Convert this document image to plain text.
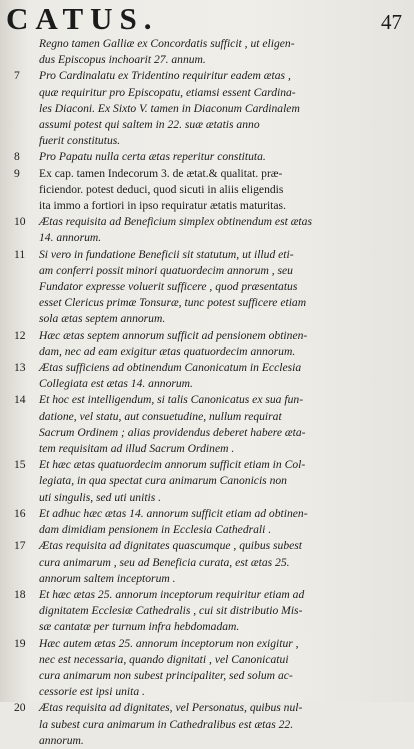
CATUS.	47
Regno tamen Galliæ ex Concordatis sufficit , ut eligen-
dus Episcopus inchoarit 27. annum.
7 Pro Cardinalatu ex Tridentino requiritur eadem ætas ,
quæ requiritur pro Episcopatu, etiamsi essent Cardina-
les Diaconi. Ex Sixto V. tamen in Diaconum Cardinalem
assumi potest qui saltem in 22. suæ ætatis anno
fuerit constitutus.
8 Pro Papatu nulla certa ætas reperitur constituta.
9 Ex cap. tamen Indecorum 3. de ætat.& qualitat. præ-
ficiendor. potest deduci, quod sicuti in aliis eligendis
ita immo a fortiori in ipso requiratur ætatis maturitas.
10 Ætas requisita ad Beneficium simplex obtinendum est ætas
14. annorum.
11 Si vero in fundatione Beneficii sit statutum, ut illud eti-
am conferri possit minori quatuordecim annorum , seu
Fundator expresse voluerit sufficere , quod præsentatus
esset Clericus primæ Tonsuræ, tunc potest sufficere etiam
sola ætas septem annorum.
12 Hæc ætas septem annorum sufficit ad pensionem obtinen-
dam, nec ad eam exigitur ætas quatuordecim annorum.
13 Ætas sufficiens ad obtinendum Canonicatum in Ecclesia
Collegiata est ætas 14. annorum.
14 Et hoc est intelligendum, si talis Canonicatus ex sua fun-
datione, vel statu, aut consuetudine, nullum requirat
Sacrum Ordinem ; alias providendus deberet habere æta-
tem requisitam ad illud Sacrum Ordinem .
15 Et hæc ætas quatuordecim annorum sufficit etiam in Col-
legiata, in qua spectat cura animarum Canonicis non
uti singulis, sed uti unitis .
16 Et adhuc hæc ætas 14. annorum sufficit etiam ad obtinen-
dam dimidiam pensionem in Ecclesia Cathedrali .
17 Ætas requisita ad dignitates quascumque , quibus subest
cura animarum , seu ad Beneficia curata, est ætas 25.
annorum saltem inceptorum .
18 Et hæc ætas 25. annorum inceptorum requiritur etiam ad
dignitatem Ecclesiæ Cathedralis , cui sit distributio Mis-
sæ cantatæ per turnum infra hebdomadam.
19 Hæc autem ætas 25. annorum inceptorum non exigitur ,
nec est necessaria, quando dignitati , vel Canonicatui
cura animarum non subest principaliter, sed solum ac-
cessorie est ipsi unita .
20 Ætas requisita ad dignitates, vel Personatus, quibus nul-
la subest cura animarum in Cathedralibus est ætas 22.
annorum.
